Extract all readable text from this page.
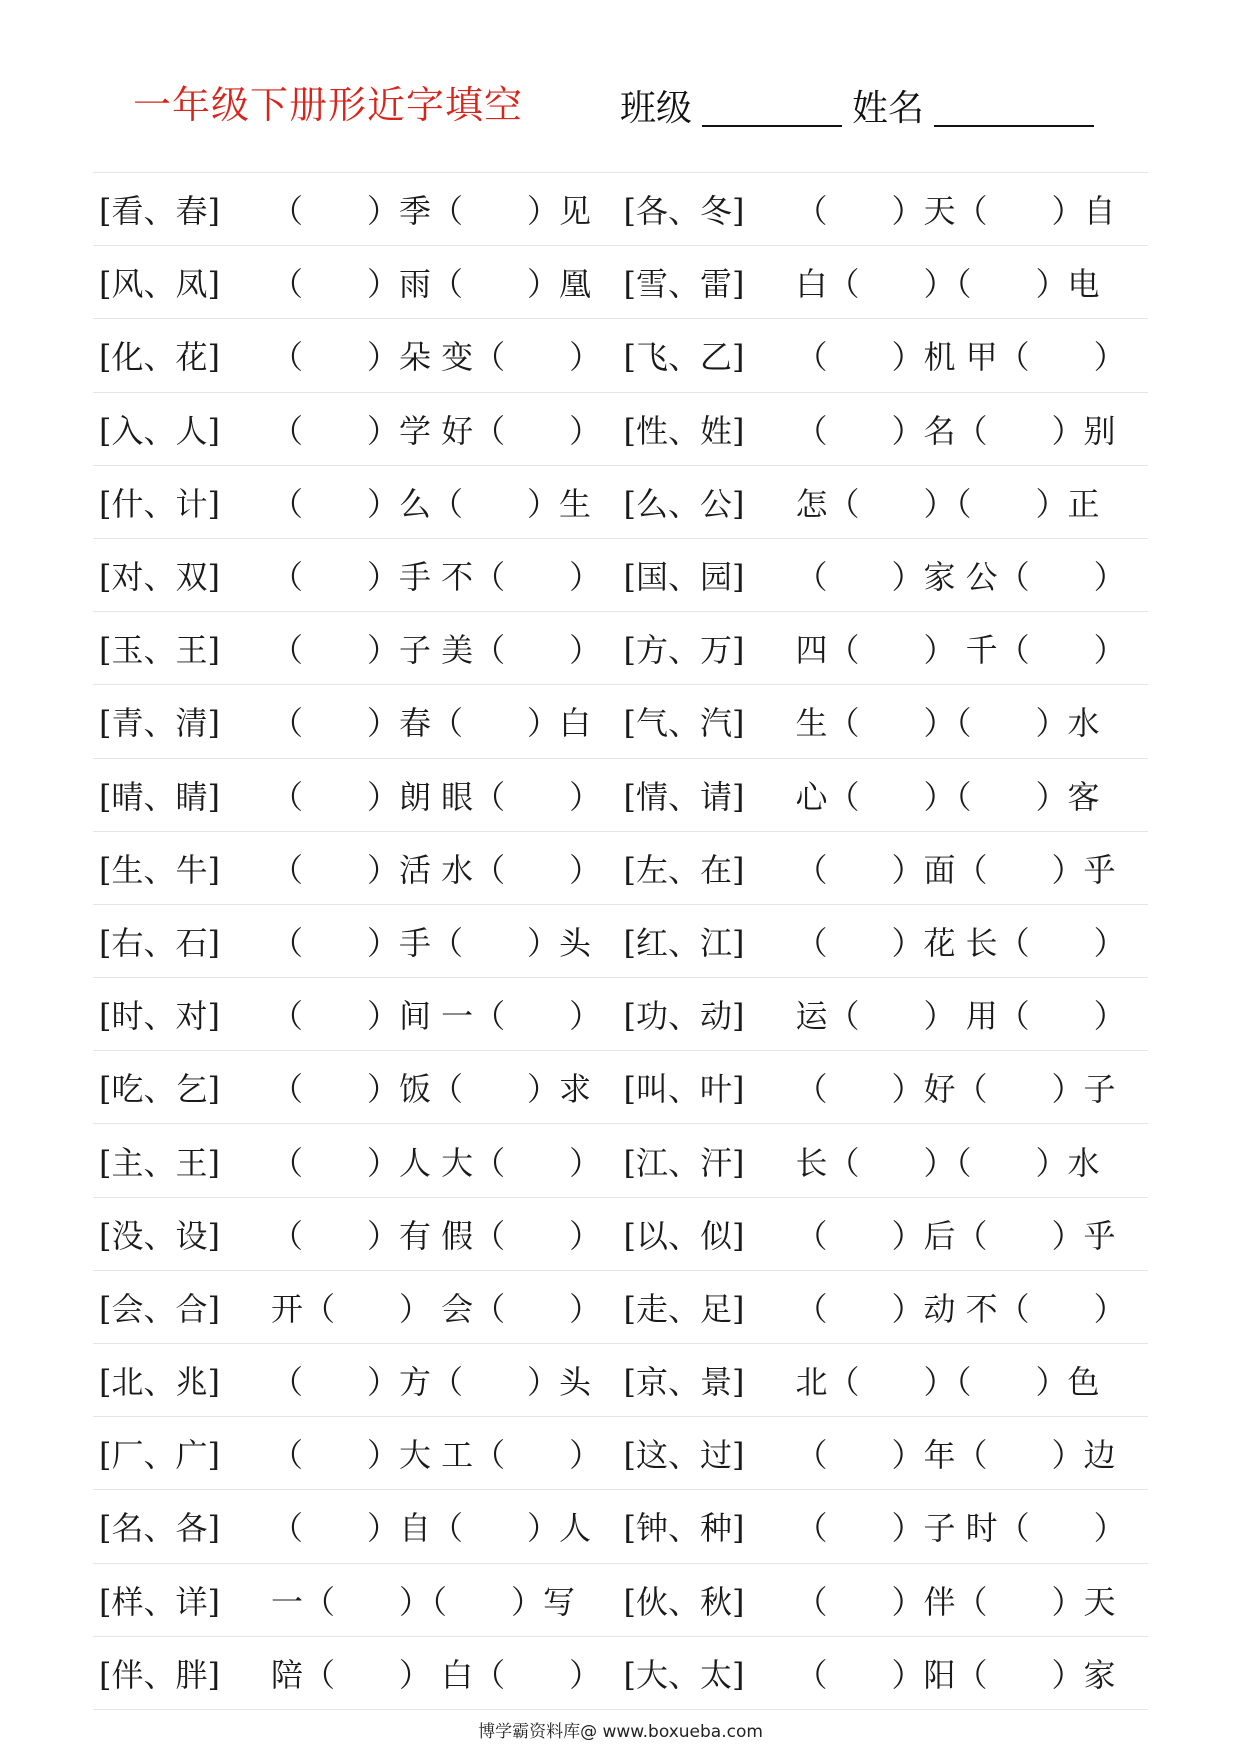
一年级下册形近字填空	班级	姓名
[看、春]	（　　）季（　　）见 [各、冬]	（　　）天（　　）自
[风、凤]	（　　）雨（　　）凰 [雪、雷]	白（　　）（　　）电
[化、花]	（　　）朵 变（　　） [飞、乙]	（　　）机 甲（　　）
[入、人]	（　　）学 好（　　） [性、姓]	（　　）名（　　）别
[什、计]	（　　）么（　　）生 [么、公]	怎（　　）（　　）正
[对、双]	（　　）手 不（　　） [国、园]	（　　）家 公（　　）
[玉、王]	（　　）子 美（　　） [方、万]	四（　　） 千（　　）
[青、清]	（　　）春（　　）白 [气、汽]	生（　　）（　　）水
[晴、睛]	（　　）朗 眼（　　） [情、请]	心（　　）（　　）客
[生、牛]	（　　）活 水（　　） [左、在]	（　　）面（　　）乎
[右、石]	（　　）手（　　）头 [红、江]	（　　）花 长（　　）
[时、对]	（　　）间 一（　　） [功、动]	运（　　） 用（　　）
[吃、乞]	（　　）饭（　　）求 [叫、叶]	（　　）好（　　）子
[主、王]	（　　）人 大（　　） [江、汗]	长（　　）（　　）水
[没、设]	（　　）有 假（　　） [以、似]	（　　）后（　　）乎
[会、合]	开（　　） 会（　　） [走、足]	（　　）动 不（　　）
[北、兆]	（　　）方（　　）头 [京、景]	北（　　）（　　）色
[厂、广]	（　　）大 工（　　） [这、过]	（　　）年（　　）边
[名、各]	（　　）自（　　）人 [钟、种]	（　　）子 时（　　）
[样、详]	一（　　）（　　）写 [伙、秋]	（　　）伴（　　）天
[伴、胖]	陪（　　） 白（　　） [大、太]	（　　）阳（　　）家
博学霸资料库@ www.boxueba.com
